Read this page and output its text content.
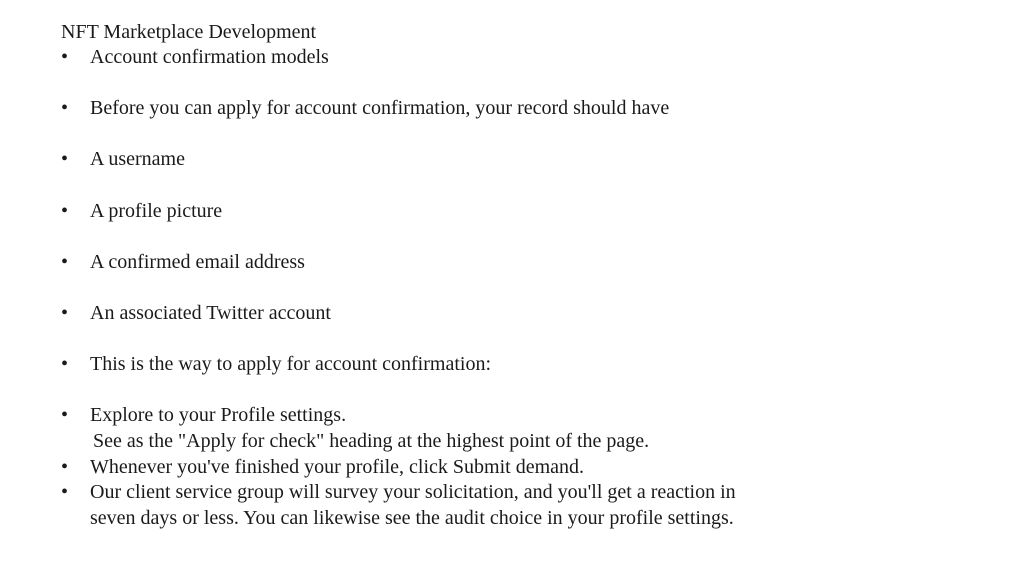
NFT Marketplace Development

• Account confirmation models
• Before you can apply for account confirmation, your record should have
• A username
• A profile picture
• A confirmed email address
• An associated Twitter account
• This is the way to apply for account confirmation:
• Explore to your Profile settings.
See as the "Apply for check" heading at the highest point of the page.
• Whenever you've finished your profile, click Submit demand.
• Our client service group will survey your solicitation, and you'll get a reaction in seven days or less. You can likewise see the audit choice in your profile settings.
